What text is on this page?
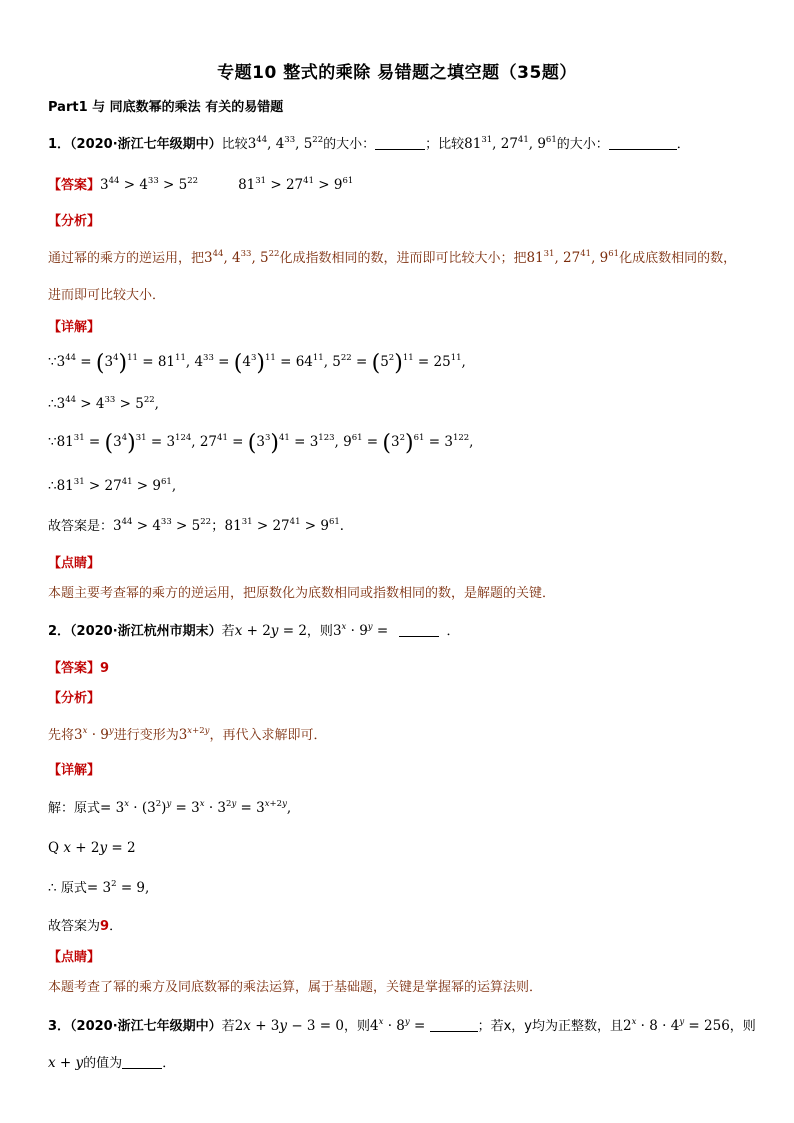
专题10 整式的乘除 易错题之填空题（35题）
Part1 与 同底数幂的乘法 有关的易错题
1．（2020·浙江七年级期中）比较$3^{44}$, $4^{33}$, $5^{22}$的大小：	；比较$81^{31}$, $27^{41}$, $9^{61}$的大小：	．
【答案】$3^{44} > 4^{33} > 5^{22}$	$81^{31} > 27^{41} > 9^{61}$
【分析】
通过幂的乘方的逆运用，把$3^{44}$, $4^{33}$, $5^{22}$化成指数相同的数，进而即可比较大小；把$81^{31}$, $27^{41}$, $9^{61}$化成底数相同的数，
进而即可比较大小．
【详解】
$\because 3^{44} = (3^4)^{11} = 81^{11}$, $4^{33} = (4^3)^{11} = 64^{11}$, $5^{22} = (5^2)^{11} = 25^{11}$,
$\therefore 3^{44} > 4^{33} > 5^{22}$,
$\because 81^{31} = (3^4)^{31} = 3^{124}$, $27^{41} = (3^3)^{41} = 3^{123}$, $9^{61} = (3^2)^{61} = 3^{122}$,
$\therefore 81^{31} > 27^{41} > 9^{61}$,
故答案是：$3^{44} > 4^{33} > 5^{22}$；$81^{31} > 27^{41} > 9^{61}$．
【点睛】
本题主要考查幂的乘方的逆运用，把原数化为底数相同或指数相同的数，是解题的关键．
2．（2020·浙江杭州市期末）若x + 2y = 2，则$3^x \cdot 9^y$ =	．
【答案】9
【分析】
先将$3^x \cdot 9^y$进行变形为$3^{x+2y}$，再代入求解即可．
【详解】
解：原式= $3^x \cdot (3^2)^y = 3^x \cdot 3^{2y} = 3^{x+2y}$,
Q x + 2y = 2
∴ 原式= $3^2 = 9$,
故答案为9．
【点睛】
本题考查了幂的乘方及同底数幂的乘法运算，属于基础题，关键是掌握幂的运算法则．
3．（2020·浙江七年级期中）若2x + 3y − 3 = 0，则$4^x \cdot 8^y$ =	；若x，y均为正整数，且$2^x \cdot 8 \cdot 4^y = 256$，则
x + y的值为	．
